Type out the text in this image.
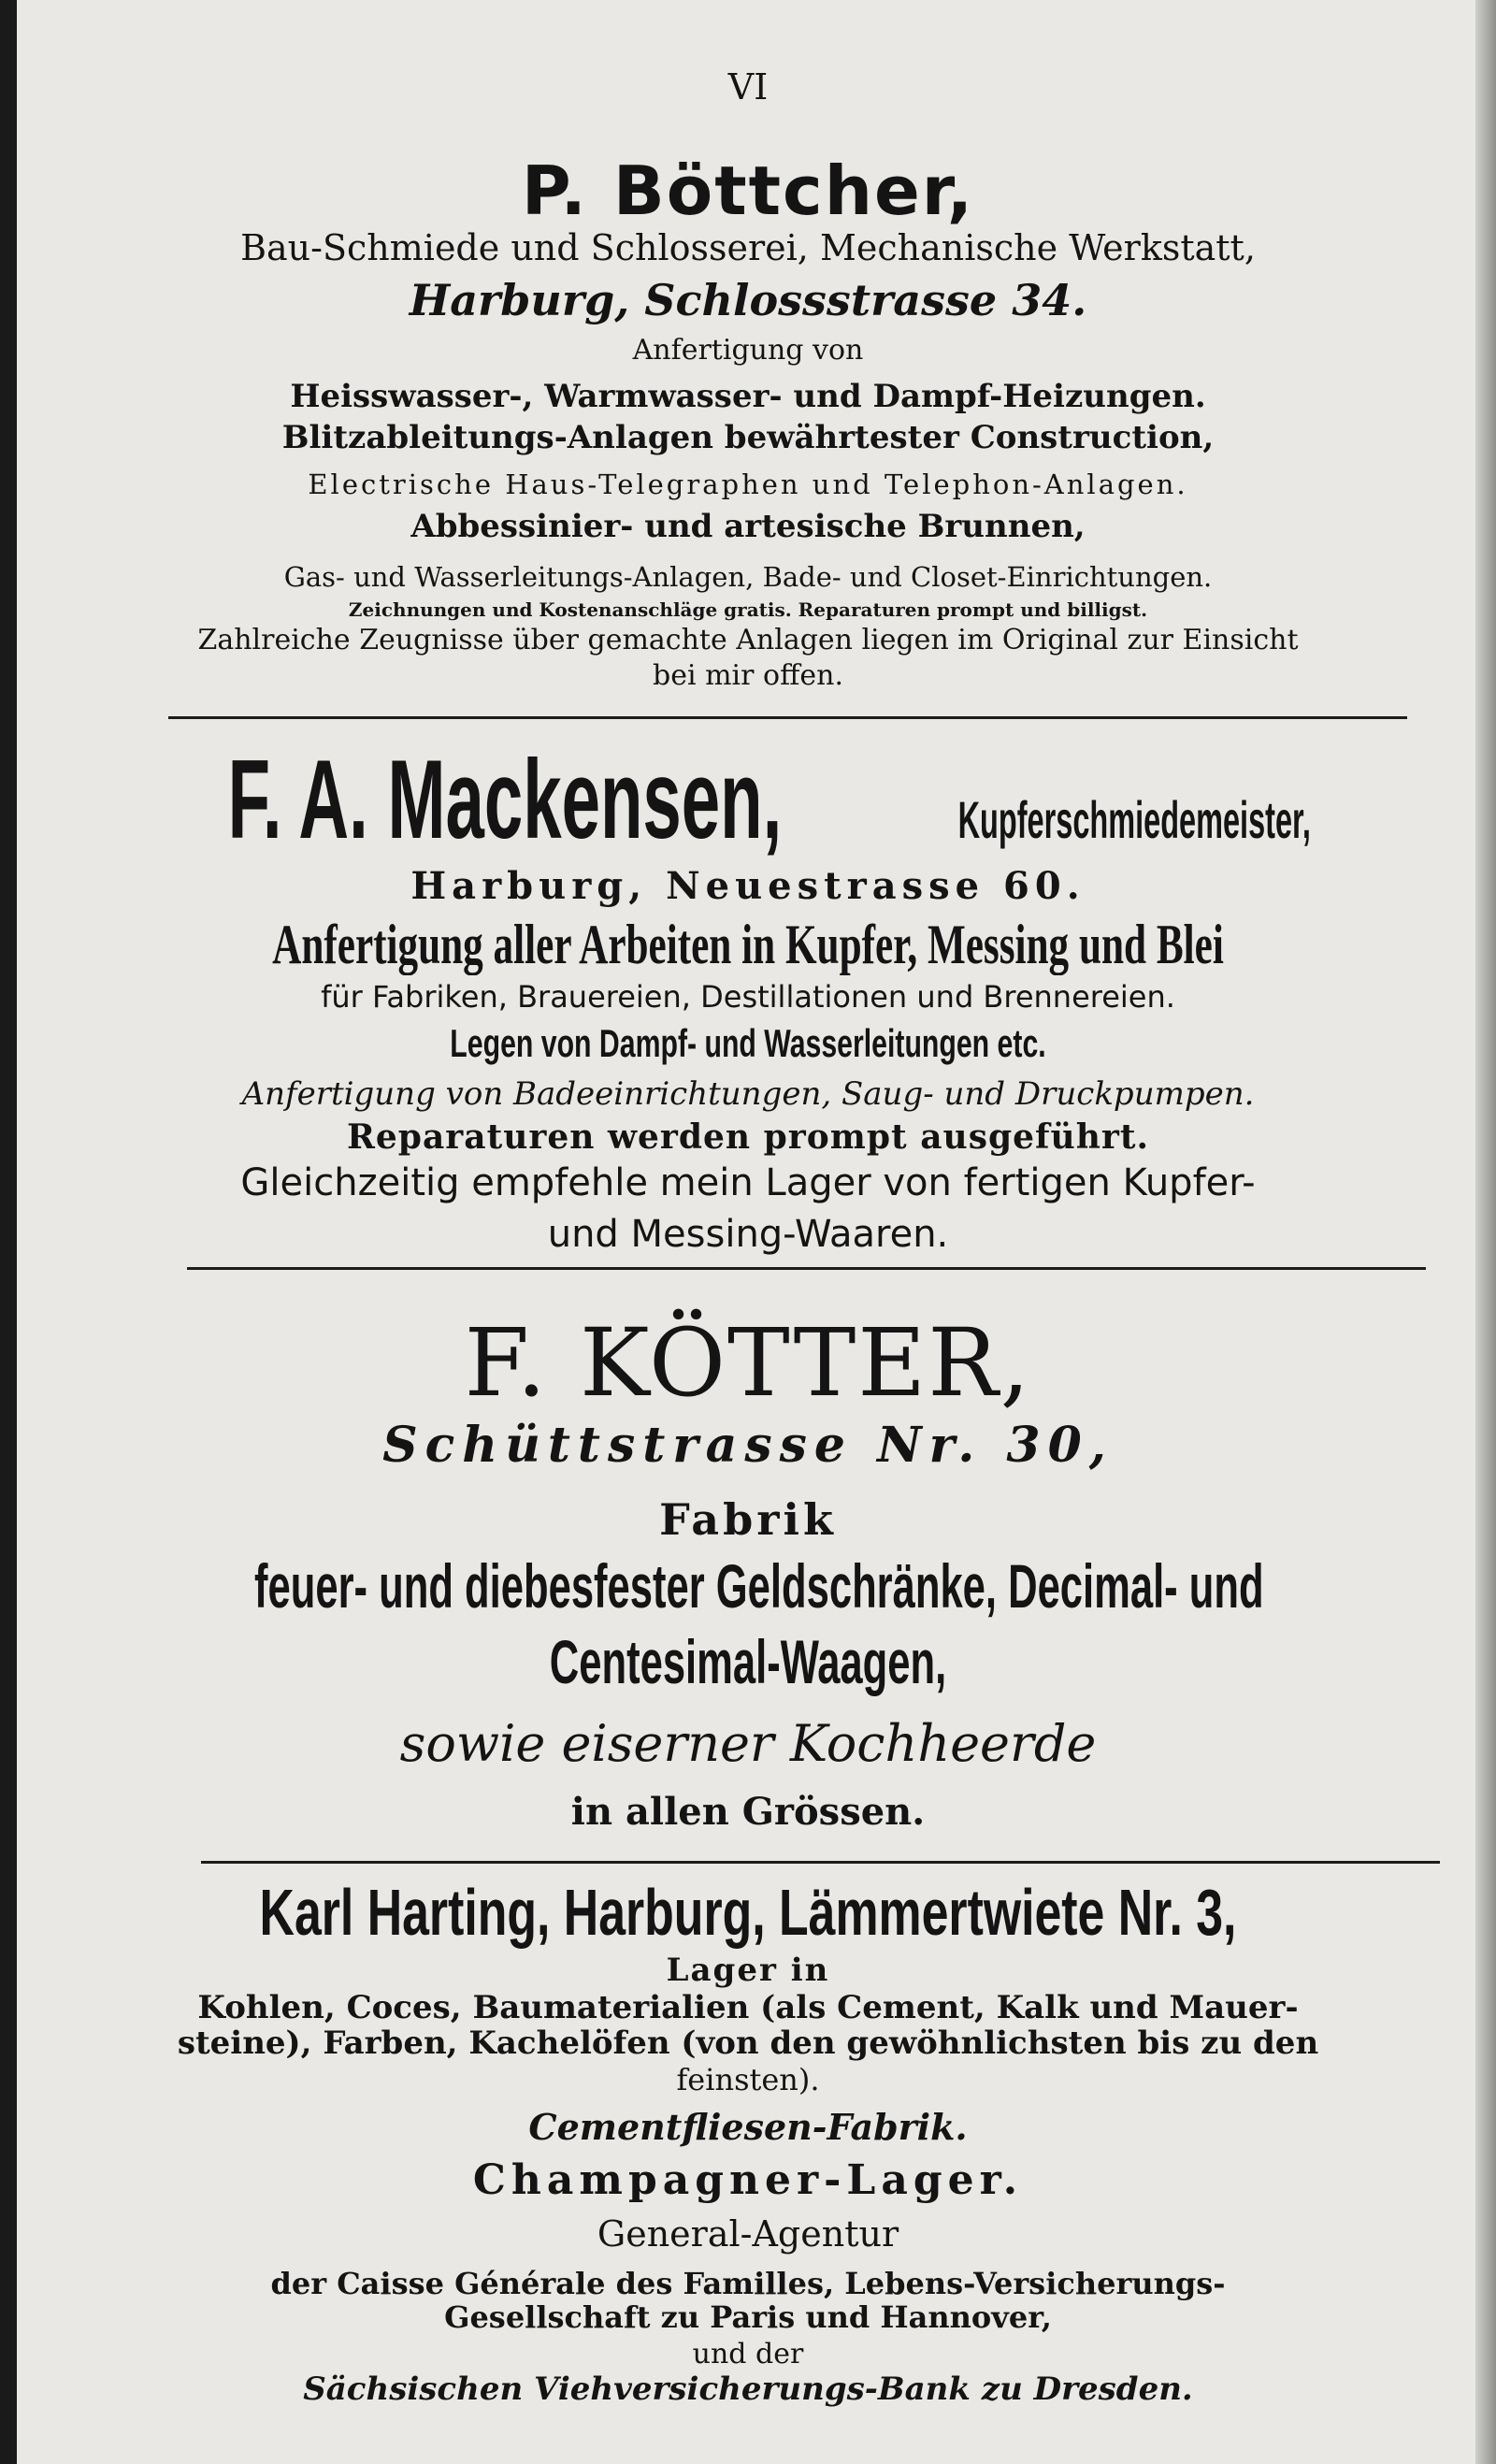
VI
P. Böttcher,
Bau-Schmiede und Schlosserei, Mechanische Werkstatt,
Harburg, Schlossstrasse 34.
Anfertigung von
Heisswasser-, Warmwasser- und Dampf-Heizungen.
Blitzableitungs-Anlagen bewährtester Construction,
Electrische Haus-Telegraphen und Telephon-Anlagen.
Abbessinier- und artesische Brunnen,
Gas- und Wasserleitungs-Anlagen, Bade- und Closet-Einrichtungen.
Zeichnungen und Kostenanschläge gratis. Reparaturen prompt und billigst.
Zahlreiche Zeugnisse über gemachte Anlagen liegen im Original zur Einsicht
bei mir offen.
F. A. Mackensen,	Kupferschmiedemeister,
Harburg, Neuestrasse 60.
Anfertigung aller Arbeiten in Kupfer, Messing und Blei
für Fabriken, Brauereien, Destillationen und Brennereien.
Legen von Dampf- und Wasserleitungen etc.
Anfertigung von Badeeinrichtungen, Saug- und Druckpumpen.
Reparaturen werden prompt ausgeführt.
Gleichzeitig empfehle mein Lager von fertigen Kupfer-
und Messing-Waaren.
F. KÖTTER,
Schüttstrasse Nr. 30,
Fabrik
feuer- und diebesfester Geldschränke, Decimal- und
Centesimal-Waagen,
sowie eiserner Kochheerde
in allen Grössen.
Karl Harting, Harburg, Lämmertwiete Nr. 3,
Lager in
Kohlen, Coces, Baumaterialien (als Cement, Kalk und Mauer-
steine), Farben, Kachelöfen (von den gewöhnlichsten bis zu den
feinsten).
Cementfliesen-Fabrik.
Champagner-Lager.
General-Agentur
der Caisse Générale des Familles, Lebens-Versicherungs-
Gesellschaft zu Paris und Hannover,
und der
Sächsischen Viehversicherungs-Bank zu Dresden.
